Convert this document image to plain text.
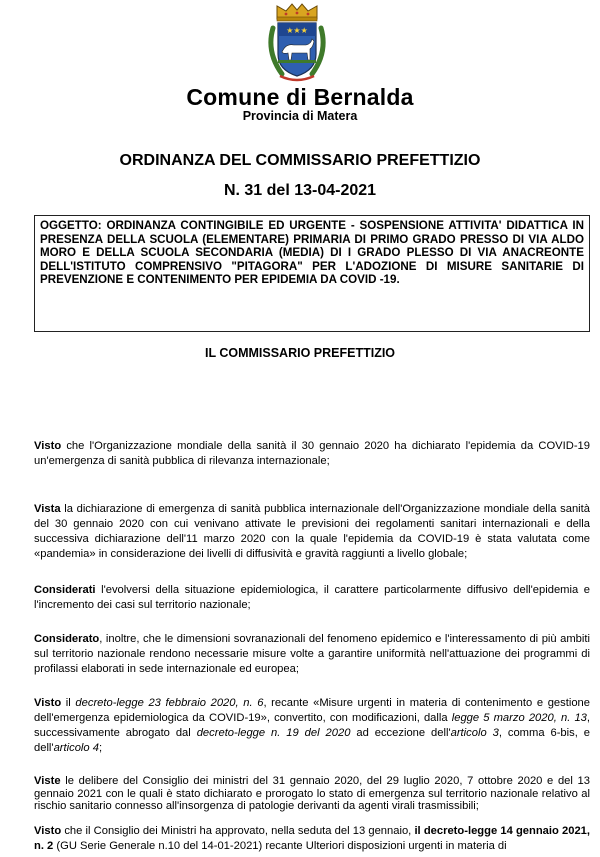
★★★
Comune di Bernalda
Provincia di Matera
ORDINANZA DEL COMMISSARIO PREFETTIZIO
N. 31 del 13-04-2021

OGGETTO: ORDINANZA CONTINGIBILE ED URGENTE - SOSPENSIONE ATTIVITA' DIDATTICA IN PRESENZA DELLA SCUOLA (ELEMENTARE) PRIMARIA DI PRIMO GRADO PRESSO DI VIA ALDO MORO E DELLA SCUOLA SECONDARIA (MEDIA) DI I GRADO PLESSO DI VIA ANACREONTE DELL'ISTITUTO COMPRENSIVO "PITAGORA" PER L'ADOZIONE DI MISURE SANITARIE DI PREVENZIONE E CONTENIMENTO PER EPIDEMIA DA COVID -19.

IL COMMISSARIO PREFETTIZIO

Visto che l'Organizzazione mondiale della sanità il 30 gennaio 2020 ha dichiarato l'epidemia da COVID-19 un'emergenza di sanità pubblica di rilevanza internazionale;

Vista la dichiarazione di emergenza di sanità pubblica internazionale dell'Organizzazione mondiale della sanità del 30 gennaio 2020 con cui venivano attivate le previsioni dei regolamenti sanitari internazionali e della successiva dichiarazione dell'11 marzo 2020 con la quale l'epidemia da COVID-19 è stata valutata come «pandemia» in considerazione dei livelli di diffusività e gravità raggiunti a livello globale;

Considerati l'evolversi della situazione epidemiologica, il carattere particolarmente diffusivo dell'epidemia e l'incremento dei casi sul territorio nazionale;

Considerato, inoltre, che le dimensioni sovranazionali del fenomeno epidemico e l'interessamento di più ambiti sul territorio nazionale rendono necessarie misure volte a garantire uniformità nell'attuazione dei programmi di profilassi elaborati in sede internazionale ed europea;

Visto il decreto-legge 23 febbraio 2020, n. 6, recante «Misure urgenti in materia di contenimento e gestione dell'emergenza epidemiologica da COVID-19», convertito, con modificazioni, dalla legge 5 marzo 2020, n. 13, successivamente abrogato dal decreto-legge n. 19 del 2020 ad eccezione dell'articolo 3, comma 6-bis, e dell'articolo 4;

Viste le delibere del Consiglio dei ministri del 31 gennaio 2020, del 29 luglio 2020, 7 ottobre 2020 e del 13 gennaio 2021 con le quali è stato dichiarato e prorogato lo stato di emergenza sul territorio nazionale relativo al rischio sanitario connesso all'insorgenza di patologie derivanti da agenti virali trasmissibili;

Visto che il Consiglio dei Ministri ha approvato, nella seduta del 13 gennaio, il decreto-legge 14 gennaio 2021, n. 2 (GU Serie Generale n.10 del 14-01-2021) recante Ulteriori disposizioni urgenti in materia di
